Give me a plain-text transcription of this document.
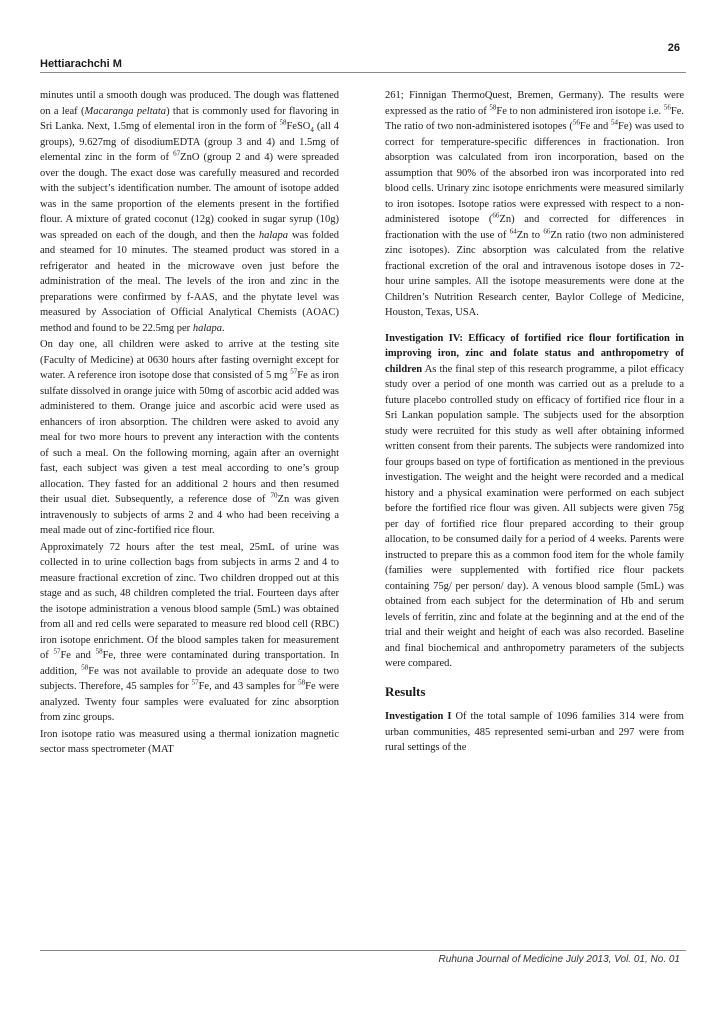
26
Hettiarachchi M

minutes until a smooth dough was produced. The dough was flattened on a leaf (Macaranga peltata) that is commonly used for flavoring in Sri Lanka. Next, 1.5mg of elemental iron in the form of $^{58}$FeSO$_4$ (all 4 groups), 9.627mg of disodiumEDTA (group 3 and 4) and 1.5mg of elemental zinc in the form of $^{67}$ZnO (group 2 and 4) were spreaded over the dough. The exact dose was carefully measured and recorded with the subject’s identification number. The amount of isotope added was in the same proportion of the elements present in the fortified flour. A mixture of grated coconut (12g) cooked in sugar syrup (10g) was spreaded on each of the dough, and then the halapa was folded and steamed for 10 minutes. The steamed product was stored in a refrigerator and heated in the microwave oven just before the administration of the meal. The levels of the iron and zinc in the preparations were confirmed by f-AAS, and the phytate level was measured by Association of Official Analytical Chemists (AOAC) method and found to be 22.5mg per halapa.

On day one, all children were asked to arrive at the testing site (Faculty of Medicine) at 0630 hours after fasting overnight except for water. A reference iron isotope dose that consisted of 5 mg $^{57}$Fe as iron sulfate dissolved in orange juice with 50mg of ascorbic acid added was administered to them. Orange juice and ascorbic acid were used as enhancers of iron absorption. The children were asked to avoid any meal for two more hours to prevent any interaction with the contents of such a meal. On the following morning, again after an overnight fast, each subject was given a test meal according to one’s group allocation. They fasted for an additional 2 hours and then resumed their usual diet. Subsequently, a reference dose of $^{70}$Zn was given intravenously to subjects of arms 2 and 4 who had been receiving a meal made out of zinc-fortified rice flour.

Approximately 72 hours after the test meal, 25mL of urine was collected in to urine collection bags from subjects in arms 2 and 4 to measure fractional excretion of zinc. Two children dropped out at this stage and as such, 48 children completed the trial. Fourteen days after the isotope administration a venous blood sample (5mL) was obtained from all and red cells were separated to measure red blood cell (RBC) iron isotope enrichment. Of the blood samples taken for measurement of $^{57}$Fe and $^{58}$Fe, three were contaminated during transportation. In addition, $^{58}$Fe was not available to provide an adequate dose to two subjects. Therefore, 45 samples for $^{57}$Fe, and 43 samples for $^{58}$Fe were analyzed. Twenty four samples were evaluated for zinc absorption from zinc groups.

Iron isotope ratio was measured using a thermal ionization magnetic sector mass spectrometer (MAT

261; Finnigan ThermoQuest, Bremen, Germany). The results were expressed as the ratio of $^{58}$Fe to non administered iron isotope i.e. $^{56}$Fe. The ratio of two non-administered isotopes ($^{56}$Fe and $^{54}$Fe) was used to correct for temperature-specific differences in fractionation. Iron absorption was calculated from iron incorporation, based on the assumption that 90% of the absorbed iron was incorporated into red blood cells. Urinary zinc isotope enrichments were measured similarly to iron isotopes. Isotope ratios were expressed with respect to a non-administered isotope ($^{66}$Zn) and corrected for differences in fractionation with the use of $^{64}$Zn to $^{66}$Zn ratio (two non administered zinc isotopes). Zinc absorption was calculated from the relative fractional excretion of the oral and intravenous isotope doses in 72-hour urine samples. All the isotope measurements were done at the Children’s Nutrition Research center, Baylor College of Medicine, Houston, Texas, USA.

Investigation IV: Efficacy of fortified rice flour fortification in improving iron, zinc and folate status and anthropometry of children As the final step of this research programme, a pilot efficacy study over a period of one month was carried out as a prelude to a future placebo controlled study on efficacy of fortified rice flour in a Sri Lankan population sample. The subjects used for the absorption study were recruited for this study as well after obtaining informed written consent from their parents. The subjects were randomized into four groups based on type of fortification as mentioned in the previous investigation. The weight and the height were recorded and a medical history and a physical examination were performed on each subject before the fortified rice flour was given. All subjects were given 75g per day of fortified rice flour prepared according to their group allocation, to be consumed daily for a period of 4 weeks. Parents were instructed to prepare this as a common food item for the whole family (families were supplemented with fortified rice flour packets containing 75g/ per person/ day). A venous blood sample (5mL) was obtained from each subject for the determination of Hb and serum levels of ferritin, zinc and folate at the beginning and at the end of the trial and their weight and height of each was also recorded. Baseline and final biochemical and anthropometry parameters of the subjects were compared.

Results

Investigation I Of the total sample of 1096 families 314 were from urban communities, 485 represented semi-urban and 297 were from rural settings of the

Ruhuna Journal of Medicine July 2013, Vol. 01, No. 01
